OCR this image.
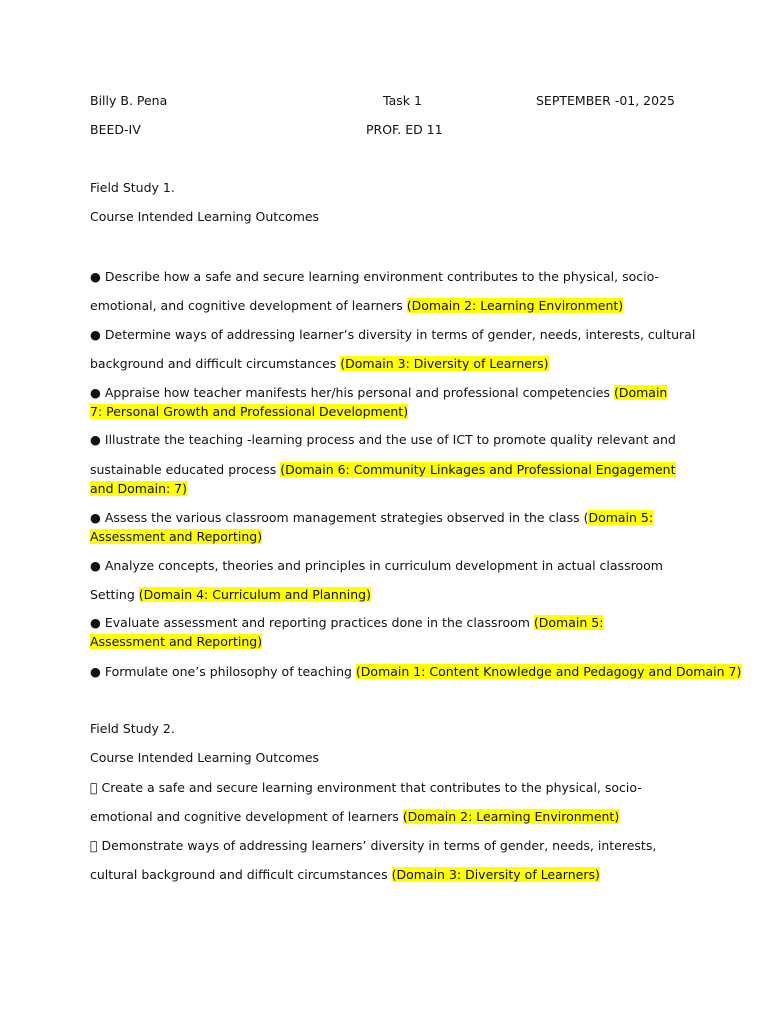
Billy B. Pena	Task 1	SEPTEMBER -01, 2025
BEED-IV	PROF. ED 11
Field Study 1.
Course Intended Learning Outcomes
● Describe how a safe and secure learning environment contributes to the physical, socio-
emotional, and cognitive development of learners (Domain 2: Learning Environment)
● Determine ways of addressing learner’s diversity in terms of gender, needs, interests, cultural
background and difficult circumstances (Domain 3: Diversity of Learners)
● Appraise how teacher manifests her/his personal and professional competencies (Domain 7: Personal Growth and Professional Development)
● Illustrate the teaching -learning process and the use of ICT to promote quality relevant and
sustainable educated process (Domain 6: Community Linkages and Professional Engagement and Domain: 7)
● Assess the various classroom management strategies observed in the class (Domain 5: Assessment and Reporting)
● Analyze concepts, theories and principles in curriculum development in actual classroom
Setting (Domain 4: Curriculum and Planning)
● Evaluate assessment and reporting practices done in the classroom (Domain 5: Assessment and Reporting)
● Formulate one’s philosophy of teaching (Domain 1: Content Knowledge and Pedagogy and Domain 7)
Field Study 2.
Course Intended Learning Outcomes
  Create a safe and secure learning environment that contributes to the physical, socio-
emotional and cognitive development of learners (Domain 2: Learning Environment)
  Demonstrate ways of addressing learners’ diversity in terms of gender, needs, interests,
cultural background and difficult circumstances (Domain 3: Diversity of Learners)
